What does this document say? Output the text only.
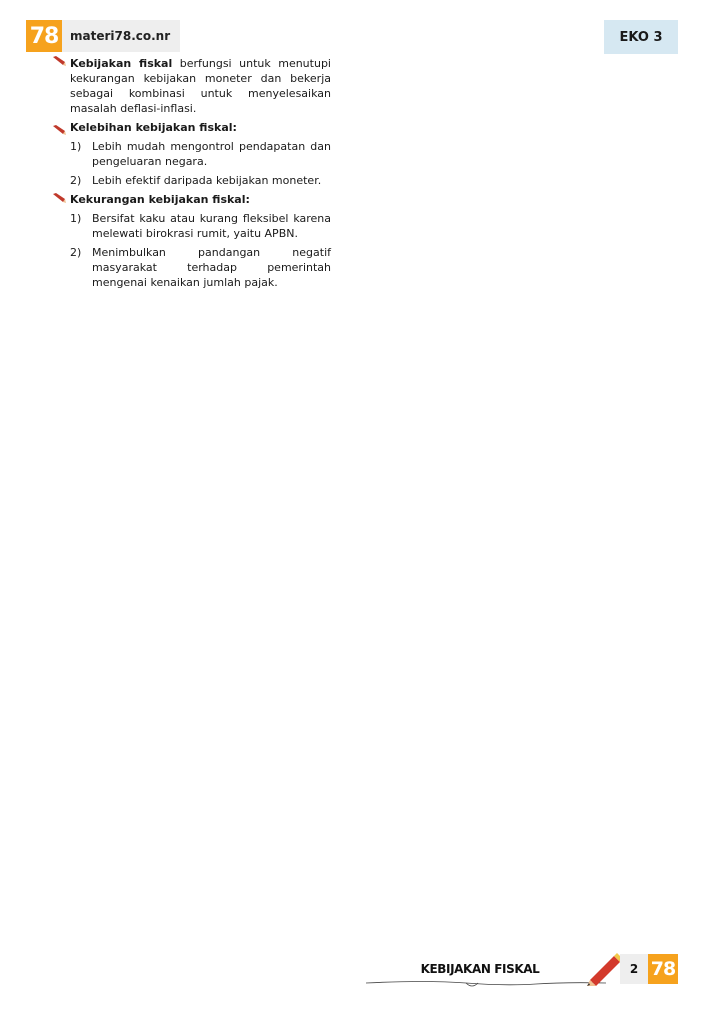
78 materi78.co.nr	EKO 3
Kebijakan fiskal berfungsi untuk menutupi kekurangan kebijakan moneter dan bekerja sebagai kombinasi untuk menyelesaikan masalah deflasi-inflasi.
Kelebihan kebijakan fiskal:
1) Lebih mudah mengontrol pendapatan dan pengeluaran negara.
2) Lebih efektif daripada kebijakan moneter.
Kekurangan kebijakan fiskal:
1) Bersifat kaku atau kurang fleksibel karena melewati birokrasi rumit, yaitu APBN.
2) Menimbulkan pandangan negatif masyarakat terhadap pemerintah mengenai kenaikan jumlah pajak.
KEBIJAKAN FISKAL	2 78
